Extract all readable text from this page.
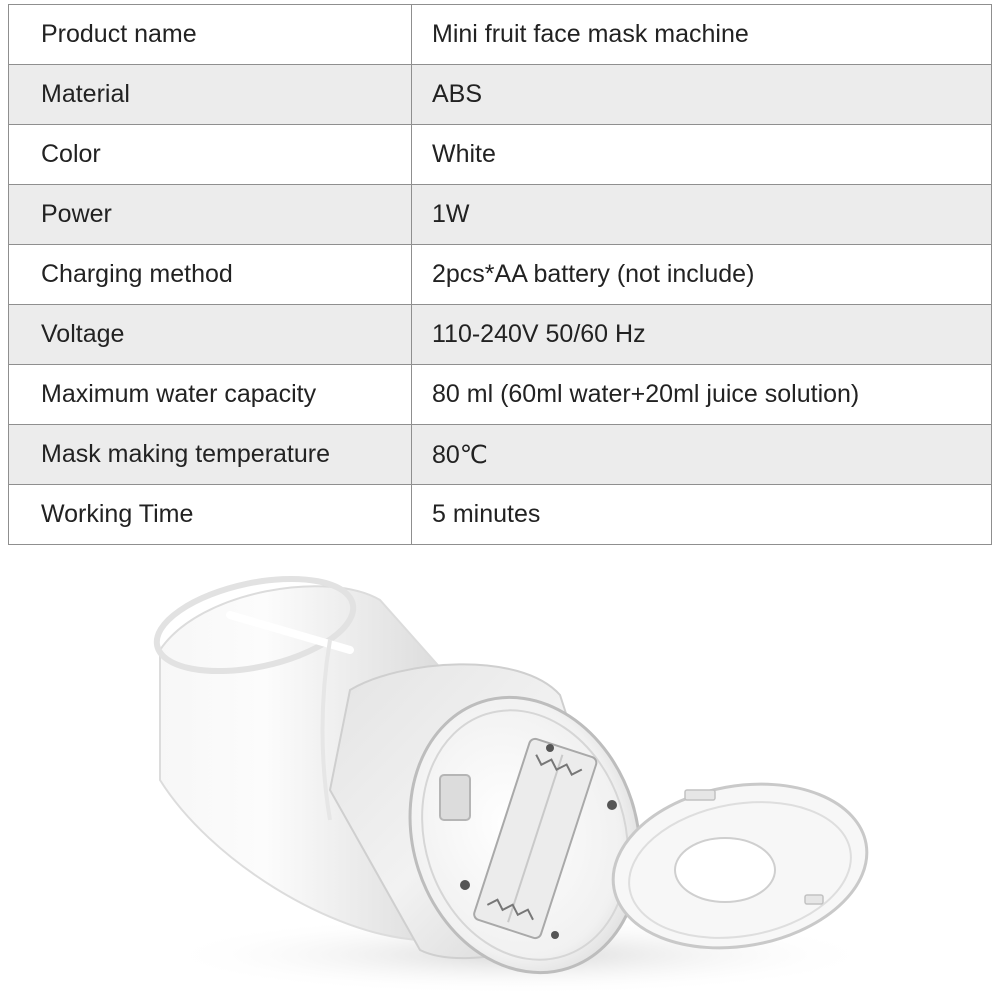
Product name	Mini fruit face mask machine
Material	ABS
Color	White
Power	1W
Charging method	2pcs*AA battery (not include)
Voltage	110-240V 50/60 Hz
Maximum water capacity	80 ml (60ml water+20ml juice solution)
Mask making temperature	80℃
Working Time	5 minutes
